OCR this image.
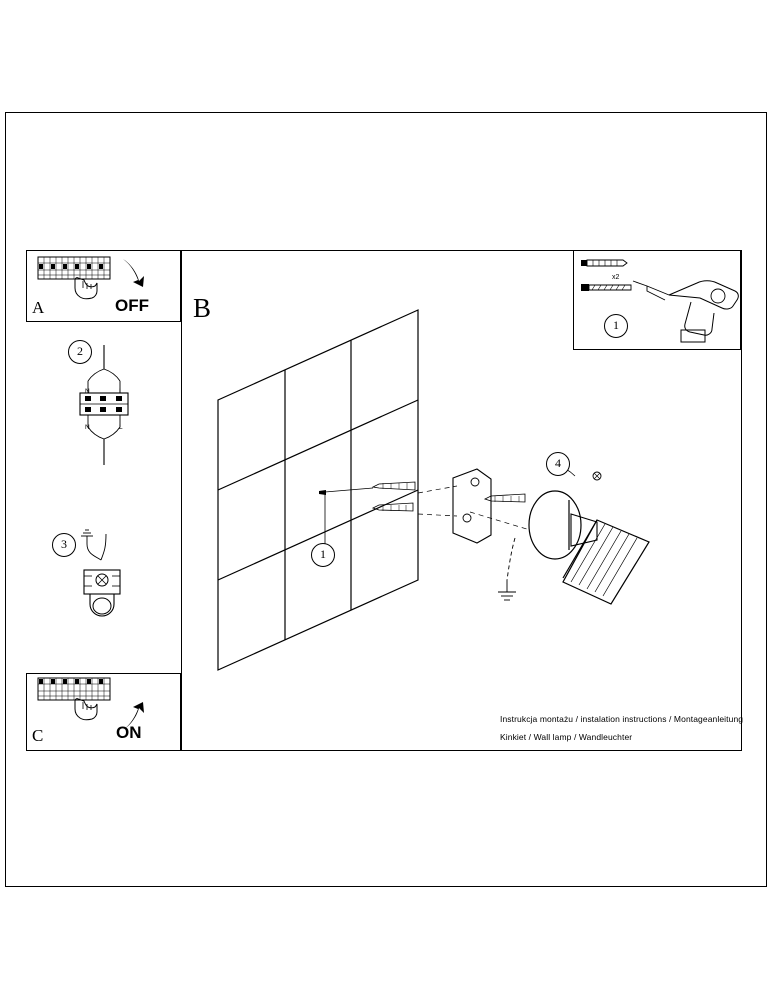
A	OFF
C	ON
2
N	L
N	L
3
1
x2
B
1
4
Instrukcja montażu / instalation instructions / Montageanleitung
Kinkiet / Wall lamp / Wandleuchter
